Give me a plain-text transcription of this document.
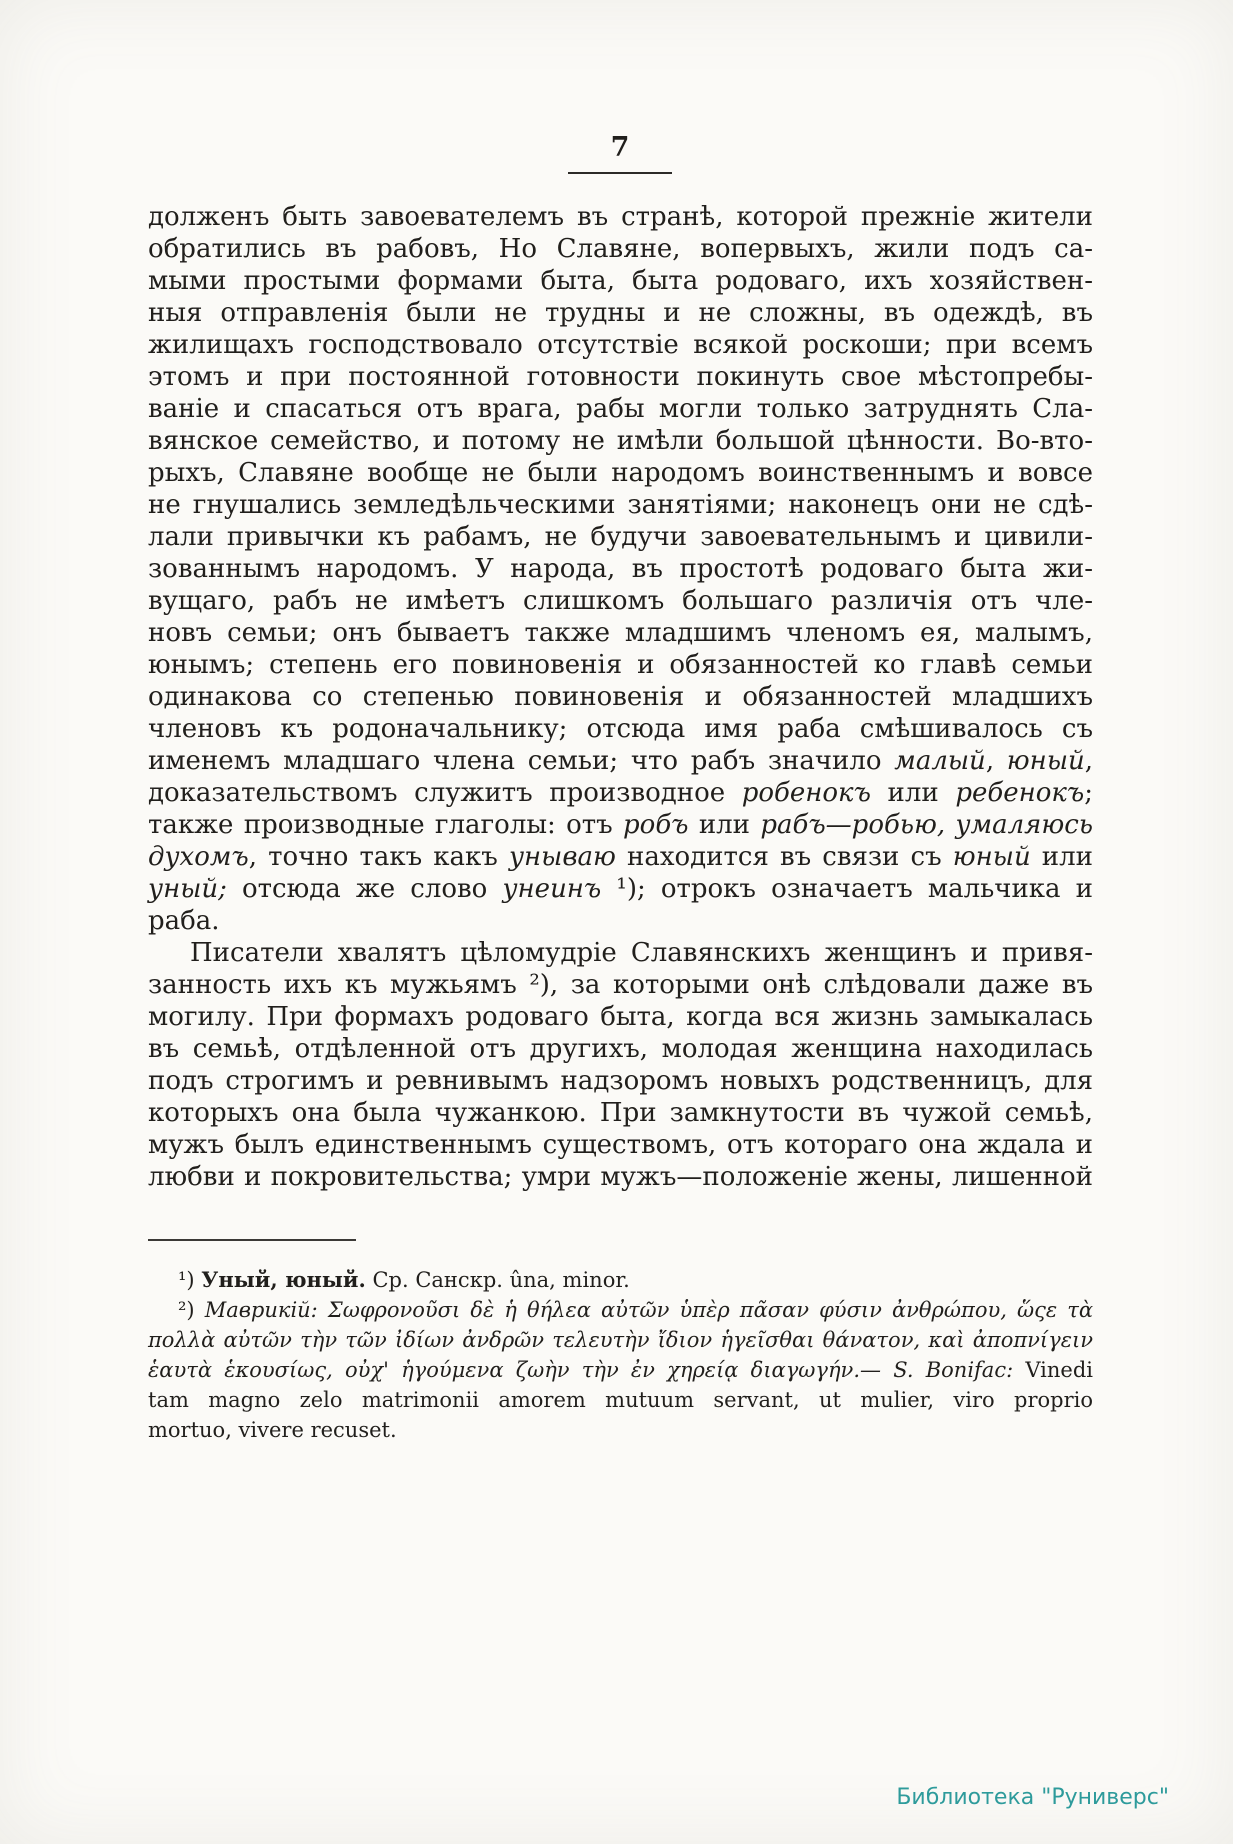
7
долженъ быть завоевателемъ въ странѣ, которой прежніе жители
обратились въ рабовъ, Но Славяне, вопервыхъ, жили подъ са-
мыми простыми формами быта, быта родоваго, ихъ хозяйствен-
ныя отправленія были не трудны и не сложны, въ одеждѣ, въ
жилищахъ господствовало отсутствіе всякой роскоши; при всемъ
этомъ и при постоянной готовности покинуть свое мѣстопребы-
ваніе и спасаться отъ врага, рабы могли только затруднять Сла-
вянское семейство, и потому не имѣли большой цѣнности. Во-вто-
рыхъ, Славяне вообще не были народомъ воинственнымъ и вовсе
не гнушались земледѣльческими занятіями; наконецъ они не сдѣ-
лали привычки къ рабамъ, не будучи завоевательнымъ и цивили-
зованнымъ народомъ. У народа, въ простотѣ родоваго быта жи-
вущаго, рабъ не имѣетъ слишкомъ большаго различія отъ чле-
новъ семьи; онъ бываетъ также младшимъ членомъ ея, малымъ,
юнымъ; степень его повиновенія и обязанностей ко главѣ семьи
одинакова со степенью повиновенія и обязанностей младшихъ
членовъ къ родоначальнику; отсюда имя раба смѣшивалось съ
именемъ младшаго члена семьи; что рабъ значило малый, юный,
доказательствомъ служитъ производное робенокъ или ребенокъ;
также производные глаголы: отъ робъ или рабъ—робью, умаляюсь
духомъ, точно такъ какъ унываю находится въ связи съ юный или
уный; отсюда же слово унеинъ ¹); отрокъ означаетъ мальчика и
раба.
Писатели хвалятъ цѣломудріе Славянскихъ женщинъ и привя-
занность ихъ къ мужьямъ ²), за которыми онѣ слѣдовали даже въ
могилу. При формахъ родоваго быта, когда вся жизнь замыкалась
въ семьѣ, отдѣленной отъ другихъ, молодая женщина находилась
подъ строгимъ и ревнивымъ надзоромъ новыхъ родственницъ, для
которыхъ она была чужанкою. При замкнутости въ чужой семьѣ,
мужъ былъ единственнымъ существомъ, отъ котораго она ждала и
любви и покровительства; умри мужъ—положеніе жены, лишенной
¹) Уный, юный. Ср. Санскр. ûna, minor.
²) Маврикій: Σωφρονοῦσι δὲ ἡ θήλεα αὐτῶν ὑπὲρ πᾶσαν φύσιν ἀνθρώπου, ὥςε τὰ
πολλὰ αὐτῶν τὴν τῶν ἰδίων ἀνδρῶν τελευτὴν ἴδιον ἡγεῖσθαι θάνατον, καὶ ἀποπνίγειν
ἑαυτὰ ἑκουσίως, οὐχ' ἡγούμενα ζωὴν τὴν ἐν χηρείᾳ διαγωγήν.— S. Bonifac: Vinedi
tam magno zelo matrimonii amorem mutuum servant, ut mulier, viro proprio
mortuo, vivere recuset.
Библиотека "Руниверс"
